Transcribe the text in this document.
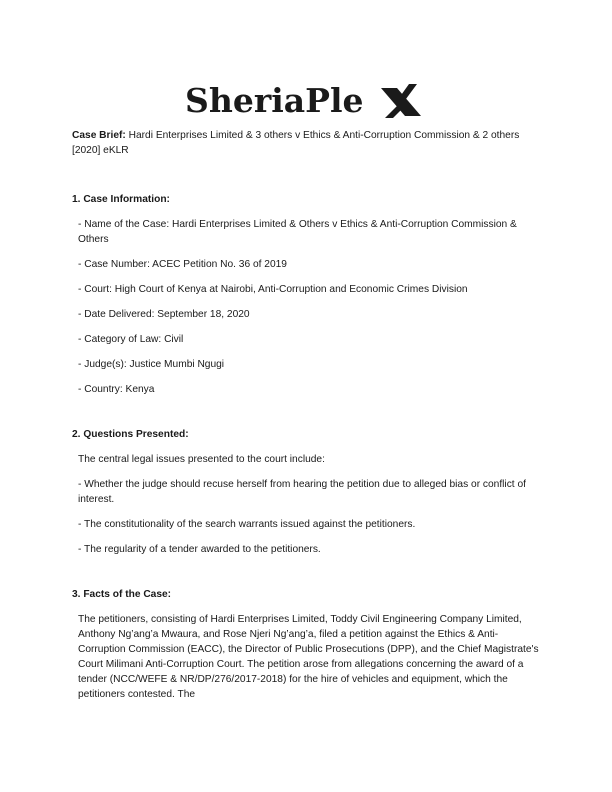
SheriaPle

Case Brief: Hardi Enterprises Limited & 3 others v Ethics & Anti-Corruption Commission & 2 others [2020] eKLR

1. Case Information:

- Name of the Case: Hardi Enterprises Limited & Others v Ethics & Anti-Corruption Commission & Others

- Case Number: ACEC Petition No. 36 of 2019

- Court: High Court of Kenya at Nairobi, Anti-Corruption and Economic Crimes Division

- Date Delivered: September 18, 2020

- Category of Law: Civil

- Judge(s): Justice Mumbi Ngugi

- Country: Kenya

2. Questions Presented:

The central legal issues presented to the court include:

- Whether the judge should recuse herself from hearing the petition due to alleged bias or conflict of interest.

- The constitutionality of the search warrants issued against the petitioners.

- The regularity of a tender awarded to the petitioners.

3. Facts of the Case:

The petitioners, consisting of Hardi Enterprises Limited, Toddy Civil Engineering Company Limited, Anthony Ng’ang’a Mwaura, and Rose Njeri Ng’ang’a, filed a petition against the Ethics & Anti-Corruption Commission (EACC), the Director of Public Prosecutions (DPP), and the Chief Magistrate's Court Milimani Anti-Corruption Court. The petition arose from allegations concerning the award of a tender (NCC/WEFE & NR/DP/276/2017-2018) for the hire of vehicles and equipment, which the petitioners contested. The
